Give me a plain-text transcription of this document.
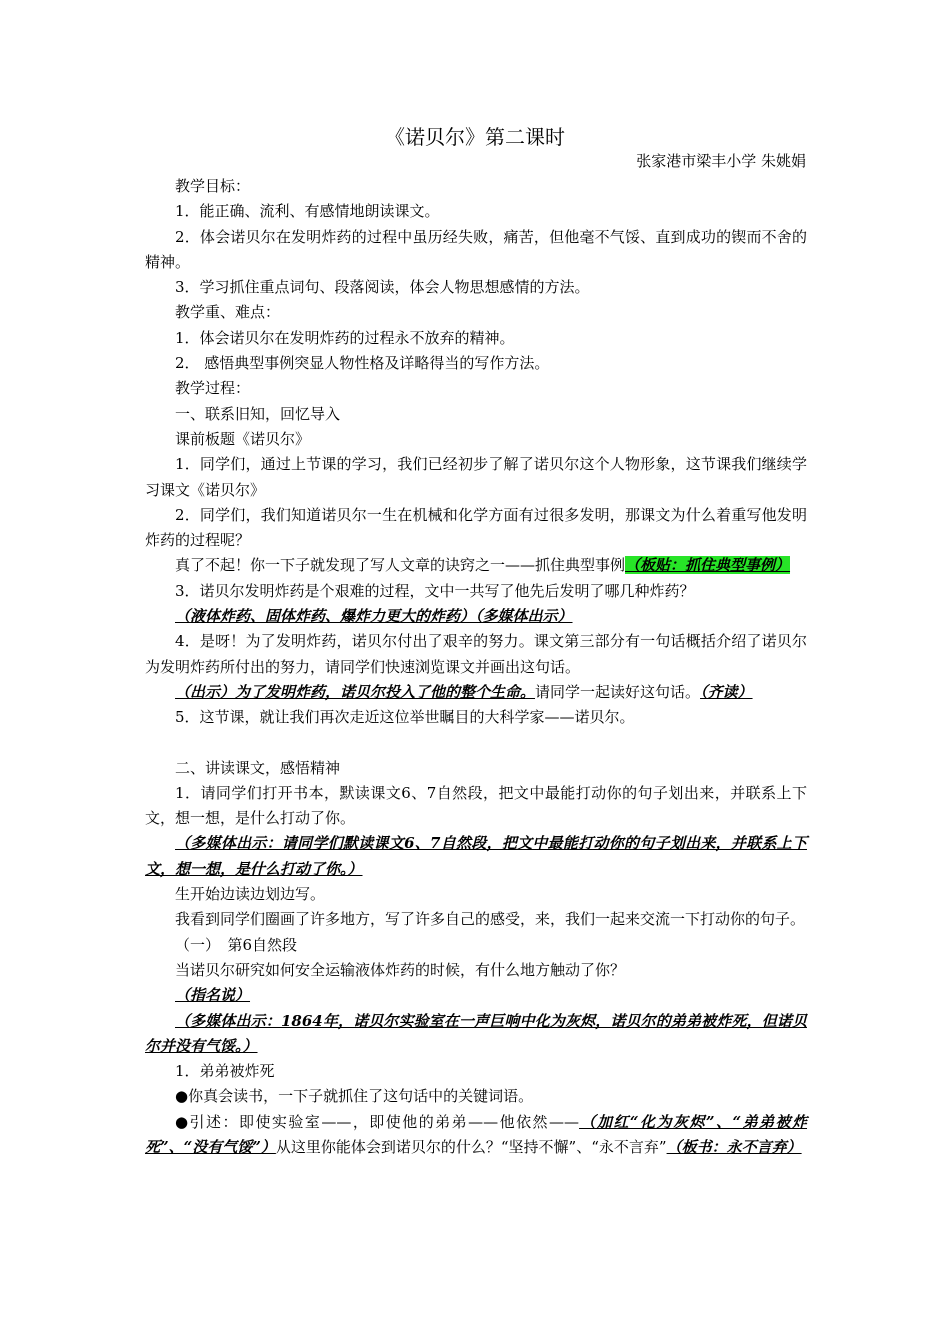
《诺贝尔》第二课时
张家港市梁丰小学 朱姚娟

教学目标：

1．能正确、流利、有感情地朗读课文。

2．体会诺贝尔在发明炸药的过程中虽历经失败，痛苦，但他毫不气馁、直到成功的锲而不舍的精神。

3．学习抓住重点词句、段落阅读，体会人物思想感情的方法。

教学重、难点：

1．体会诺贝尔在发明炸药的过程永不放弃的精神。

2． 感悟典型事例突显人物性格及详略得当的写作方法。

教学过程：

一、联系旧知，回忆导入

课前板题《诺贝尔》

1．同学们，通过上节课的学习，我们已经初步了解了诺贝尔这个人物形象，这节课我们继续学习课文《诺贝尔》

2．同学们，我们知道诺贝尔一生在机械和化学方面有过很多发明，那课文为什么着重写他发明炸药的过程呢？

真了不起！你一下子就发现了写人文章的诀窍之一——抓住典型事例（板贴：抓住典型事例）

3．诺贝尔发明炸药是个艰难的过程，文中一共写了他先后发明了哪几种炸药？

（液体炸药、固体炸药、爆炸力更大的炸药）（多媒体出示）

4．是呀！为了发明炸药，诺贝尔付出了艰辛的努力。课文第三部分有一句话概括介绍了诺贝尔为发明炸药所付出的努力，请同学们快速浏览课文并画出这句话。

（出示）为了发明炸药，诺贝尔投入了他的整个生命。请同学一起读好这句话。（齐读）

5．这节课，就让我们再次走近这位举世瞩目的大科学家——诺贝尔。

二、讲读课文，感悟精神

1．请同学们打开书本，默读课文6、7自然段，把文中最能打动你的句子划出来，并联系上下文，想一想，是什么打动了你。

（多媒体出示：请同学们默读课文6、7自然段，把文中最能打动你的句子划出来，并联系上下文，想一想，是什么打动了你。）

生开始边读边划边写。

我看到同学们圈画了许多地方，写了许多自己的感受，来，我们一起来交流一下打动你的句子。

（一）　第6自然段

当诺贝尔研究如何安全运输液体炸药的时候，有什么地方触动了你？

（指名说）

（多媒体出示：1864年，诺贝尔实验室在一声巨响中化为灰烬，诺贝尔的弟弟被炸死，但诺贝尔并没有气馁。）

1．弟弟被炸死

●你真会读书，一下子就抓住了这句话中的关键词语。

●引述：即使实验室——，即使他的弟弟——他依然——（加红“化为灰烬”、“弟弟被炸死”、“没有气馁”）从这里你能体会到诺贝尔的什么？“坚持不懈”、“永不言弃”（板书：永不言弃）
